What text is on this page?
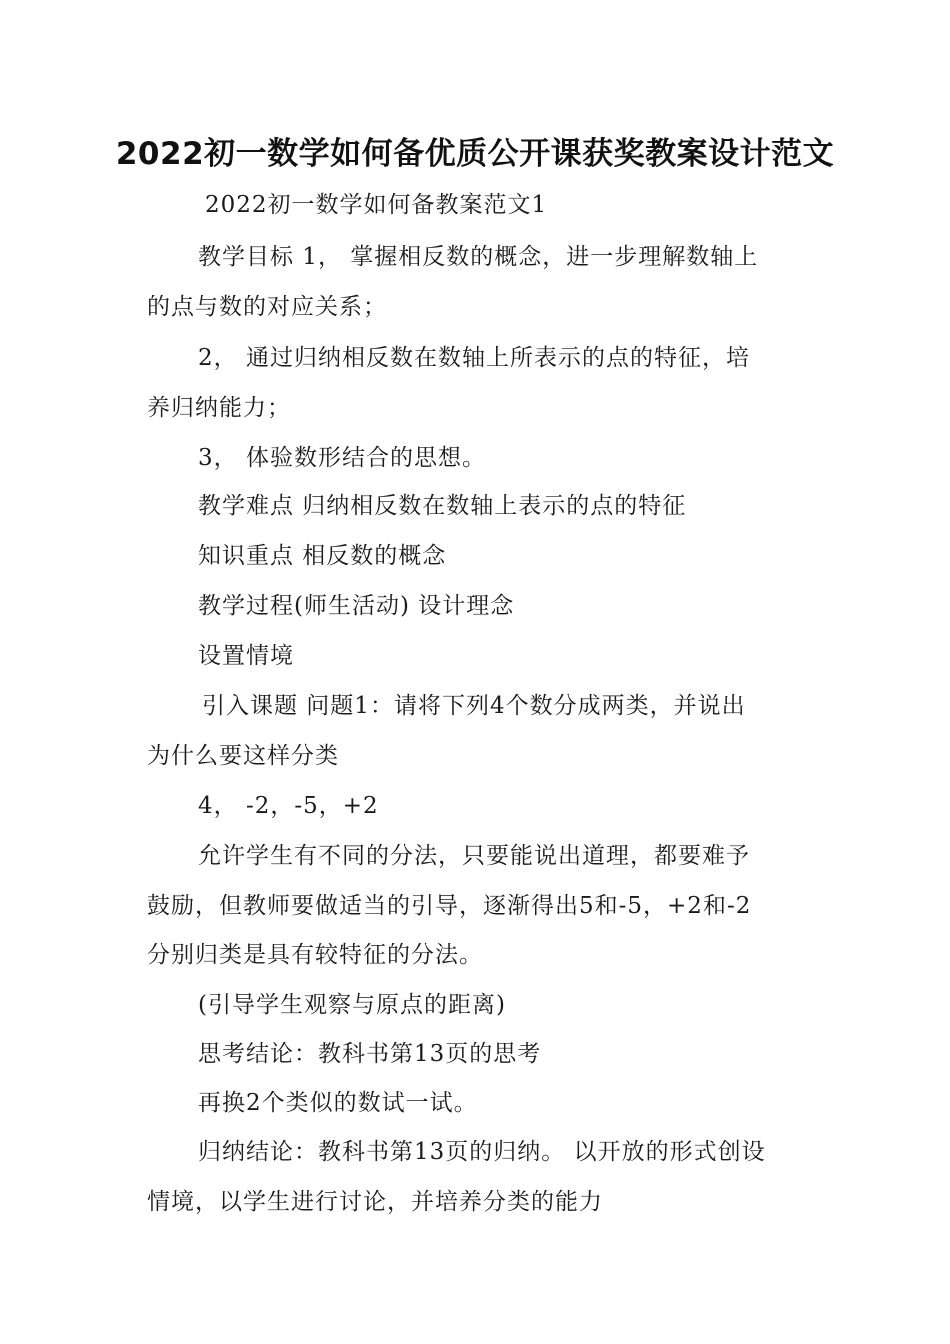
2022初一数学如何备优质公开课获奖教案设计范文
2022初一数学如何备教案范文1
教学目标 1， 掌握相反数的概念，进一步理解数轴上
的点与数的对应关系；
2， 通过归纳相反数在数轴上所表示的点的特征，培
养归纳能力；
3， 体验数形结合的思想。
教学难点 归纳相反数在数轴上表示的点的特征
知识重点 相反数的概念
教学过程(师生活动) 设计理念
设置情境
引入课题 问题1：请将下列4个数分成两类，并说出
为什么要这样分类
4， -2，-5，+2
允许学生有不同的分法，只要能说出道理，都要难予
鼓励，但教师要做适当的引导，逐渐得出5和-5，+2和-2
分别归类是具有较特征的分法。
(引导学生观察与原点的距离)
思考结论：教科书第13页的思考
再换2个类似的数试一试。
归纳结论：教科书第13页的归纳。 以开放的形式创设
情境，以学生进行讨论，并培养分类的能力
